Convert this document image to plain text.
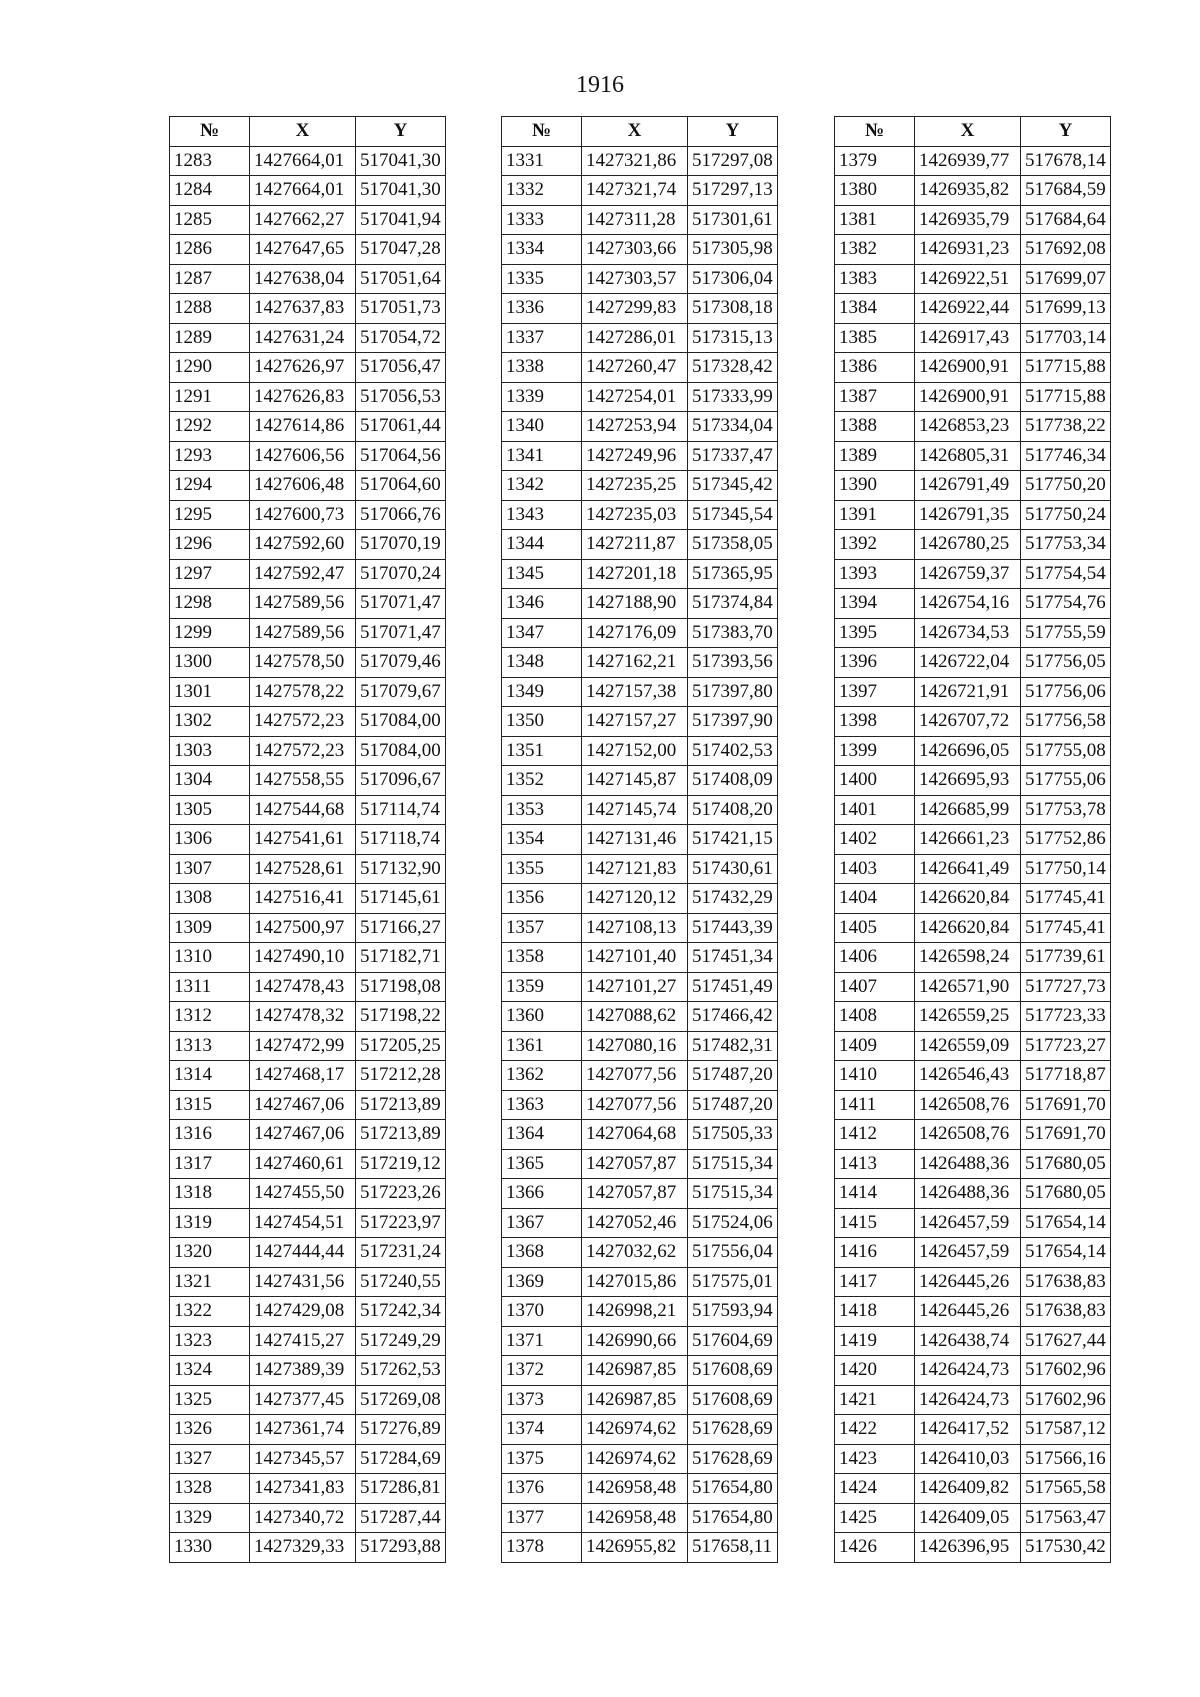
1916
№	X	Y
1283	1427664,01	517041,30
1284	1427664,01	517041,30
1285	1427662,27	517041,94
1286	1427647,65	517047,28
1287	1427638,04	517051,64
1288	1427637,83	517051,73
1289	1427631,24	517054,72
1290	1427626,97	517056,47
1291	1427626,83	517056,53
1292	1427614,86	517061,44
1293	1427606,56	517064,56
1294	1427606,48	517064,60
1295	1427600,73	517066,76
1296	1427592,60	517070,19
1297	1427592,47	517070,24
1298	1427589,56	517071,47
1299	1427589,56	517071,47
1300	1427578,50	517079,46
1301	1427578,22	517079,67
1302	1427572,23	517084,00
1303	1427572,23	517084,00
1304	1427558,55	517096,67
1305	1427544,68	517114,74
1306	1427541,61	517118,74
1307	1427528,61	517132,90
1308	1427516,41	517145,61
1309	1427500,97	517166,27
1310	1427490,10	517182,71
1311	1427478,43	517198,08
1312	1427478,32	517198,22
1313	1427472,99	517205,25
1314	1427468,17	517212,28
1315	1427467,06	517213,89
1316	1427467,06	517213,89
1317	1427460,61	517219,12
1318	1427455,50	517223,26
1319	1427454,51	517223,97
1320	1427444,44	517231,24
1321	1427431,56	517240,55
1322	1427429,08	517242,34
1323	1427415,27	517249,29
1324	1427389,39	517262,53
1325	1427377,45	517269,08
1326	1427361,74	517276,89
1327	1427345,57	517284,69
1328	1427341,83	517286,81
1329	1427340,72	517287,44
1330	1427329,33	517293,88
№	X	Y
1331	1427321,86	517297,08
1332	1427321,74	517297,13
1333	1427311,28	517301,61
1334	1427303,66	517305,98
1335	1427303,57	517306,04
1336	1427299,83	517308,18
1337	1427286,01	517315,13
1338	1427260,47	517328,42
1339	1427254,01	517333,99
1340	1427253,94	517334,04
1341	1427249,96	517337,47
1342	1427235,25	517345,42
1343	1427235,03	517345,54
1344	1427211,87	517358,05
1345	1427201,18	517365,95
1346	1427188,90	517374,84
1347	1427176,09	517383,70
1348	1427162,21	517393,56
1349	1427157,38	517397,80
1350	1427157,27	517397,90
1351	1427152,00	517402,53
1352	1427145,87	517408,09
1353	1427145,74	517408,20
1354	1427131,46	517421,15
1355	1427121,83	517430,61
1356	1427120,12	517432,29
1357	1427108,13	517443,39
1358	1427101,40	517451,34
1359	1427101,27	517451,49
1360	1427088,62	517466,42
1361	1427080,16	517482,31
1362	1427077,56	517487,20
1363	1427077,56	517487,20
1364	1427064,68	517505,33
1365	1427057,87	517515,34
1366	1427057,87	517515,34
1367	1427052,46	517524,06
1368	1427032,62	517556,04
1369	1427015,86	517575,01
1370	1426998,21	517593,94
1371	1426990,66	517604,69
1372	1426987,85	517608,69
1373	1426987,85	517608,69
1374	1426974,62	517628,69
1375	1426974,62	517628,69
1376	1426958,48	517654,80
1377	1426958,48	517654,80
1378	1426955,82	517658,11
№	X	Y
1379	1426939,77	517678,14
1380	1426935,82	517684,59
1381	1426935,79	517684,64
1382	1426931,23	517692,08
1383	1426922,51	517699,07
1384	1426922,44	517699,13
1385	1426917,43	517703,14
1386	1426900,91	517715,88
1387	1426900,91	517715,88
1388	1426853,23	517738,22
1389	1426805,31	517746,34
1390	1426791,49	517750,20
1391	1426791,35	517750,24
1392	1426780,25	517753,34
1393	1426759,37	517754,54
1394	1426754,16	517754,76
1395	1426734,53	517755,59
1396	1426722,04	517756,05
1397	1426721,91	517756,06
1398	1426707,72	517756,58
1399	1426696,05	517755,08
1400	1426695,93	517755,06
1401	1426685,99	517753,78
1402	1426661,23	517752,86
1403	1426641,49	517750,14
1404	1426620,84	517745,41
1405	1426620,84	517745,41
1406	1426598,24	517739,61
1407	1426571,90	517727,73
1408	1426559,25	517723,33
1409	1426559,09	517723,27
1410	1426546,43	517718,87
1411	1426508,76	517691,70
1412	1426508,76	517691,70
1413	1426488,36	517680,05
1414	1426488,36	517680,05
1415	1426457,59	517654,14
1416	1426457,59	517654,14
1417	1426445,26	517638,83
1418	1426445,26	517638,83
1419	1426438,74	517627,44
1420	1426424,73	517602,96
1421	1426424,73	517602,96
1422	1426417,52	517587,12
1423	1426410,03	517566,16
1424	1426409,82	517565,58
1425	1426409,05	517563,47
1426	1426396,95	517530,42
